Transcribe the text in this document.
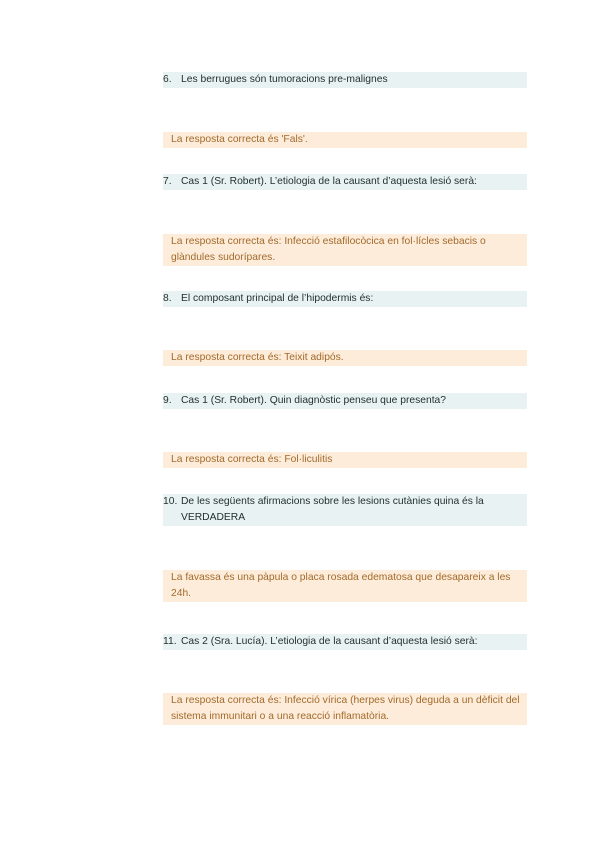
6. Les berrugues són tumoracions pre-malignes
La resposta correcta és 'Fals'.
7. Cas 1 (Sr. Robert). L’etiologia de la causant d’aquesta lesió serà:
La resposta correcta és: Infecció estafilocòcica en fol·lícles sebacis o glàndules sudorípares.
8. El composant principal de l’hipodermis és:
La resposta correcta és: Teixit adipós.
9. Cas 1 (Sr. Robert). Quin diagnòstic penseu que presenta?
La resposta correcta és: Fol·liculitis
10. De les següents afirmacions sobre les lesions cutànies quina és la VERDADERA
La favassa és una pàpula o placa rosada edematosa que desapareix a les 24h.
11. Cas 2 (Sra. Lucía). L’etiologia de la causant d’aquesta lesió serà:
La resposta correcta és: Infecció vírica (herpes virus) deguda a un dèficit del sistema immunitari o a una reacció inflamatòria.
